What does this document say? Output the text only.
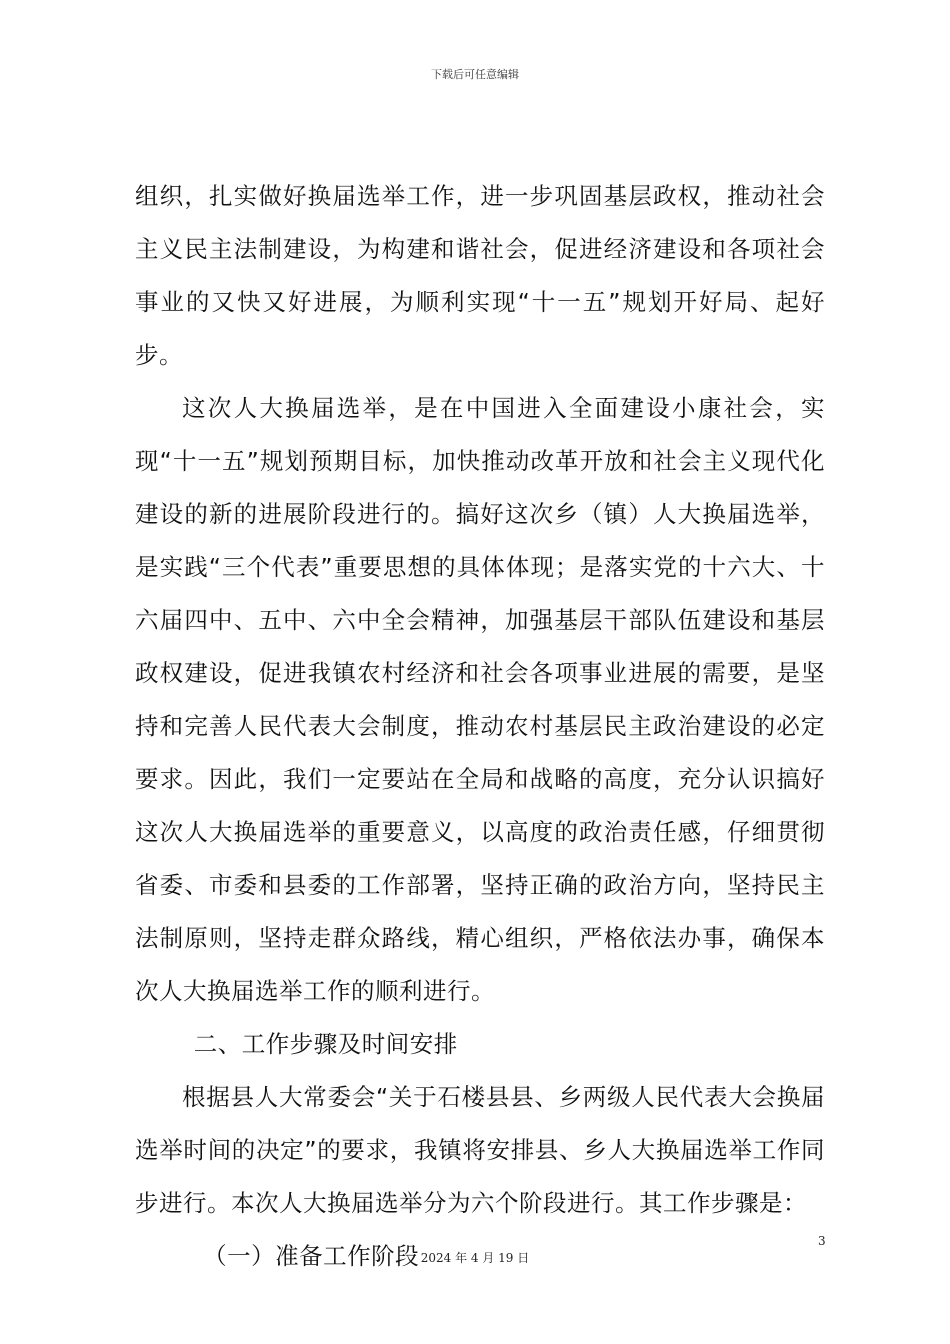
下载后可任意编辑

组织，扎实做好换届选举工作，进一步巩固基层政权，推动社会主义民主法制建设，为构建和谐社会，促进经济建设和各项社会事业的又快又好进展，为顺利实现“十一五”规划开好局、起好步。

这次人大换届选举，是在中国进入全面建设小康社会，实现“十一五”规划预期目标，加快推动改革开放和社会主义现代化建设的新的进展阶段进行的。搞好这次乡（镇）人大换届选举，是实践“三个代表”重要思想的具体体现；是落实党的十六大、十六届四中、五中、六中全会精神，加强基层干部队伍建设和基层政权建设，促进我镇农村经济和社会各项事业进展的需要，是坚持和完善人民代表大会制度，推动农村基层民主政治建设的必定要求。因此，我们一定要站在全局和战略的高度，充分认识搞好这次人大换届选举的重要意义，以高度的政治责任感，仔细贯彻省委、市委和县委的工作部署，坚持正确的政治方向，坚持民主法制原则，坚持走群众路线，精心组织，严格依法办事，确保本次人大换届选举工作的顺利进行。

二、工作步骤及时间安排

根据县人大常委会“关于石楼县县、乡两级人民代表大会换届选举时间的决定”的要求，我镇将安排县、乡人大换届选举工作同步进行。本次人大换届选举分为六个阶段进行。其工作步骤是：

（一）准备工作阶段

3
2024 年 4 月 19 日
